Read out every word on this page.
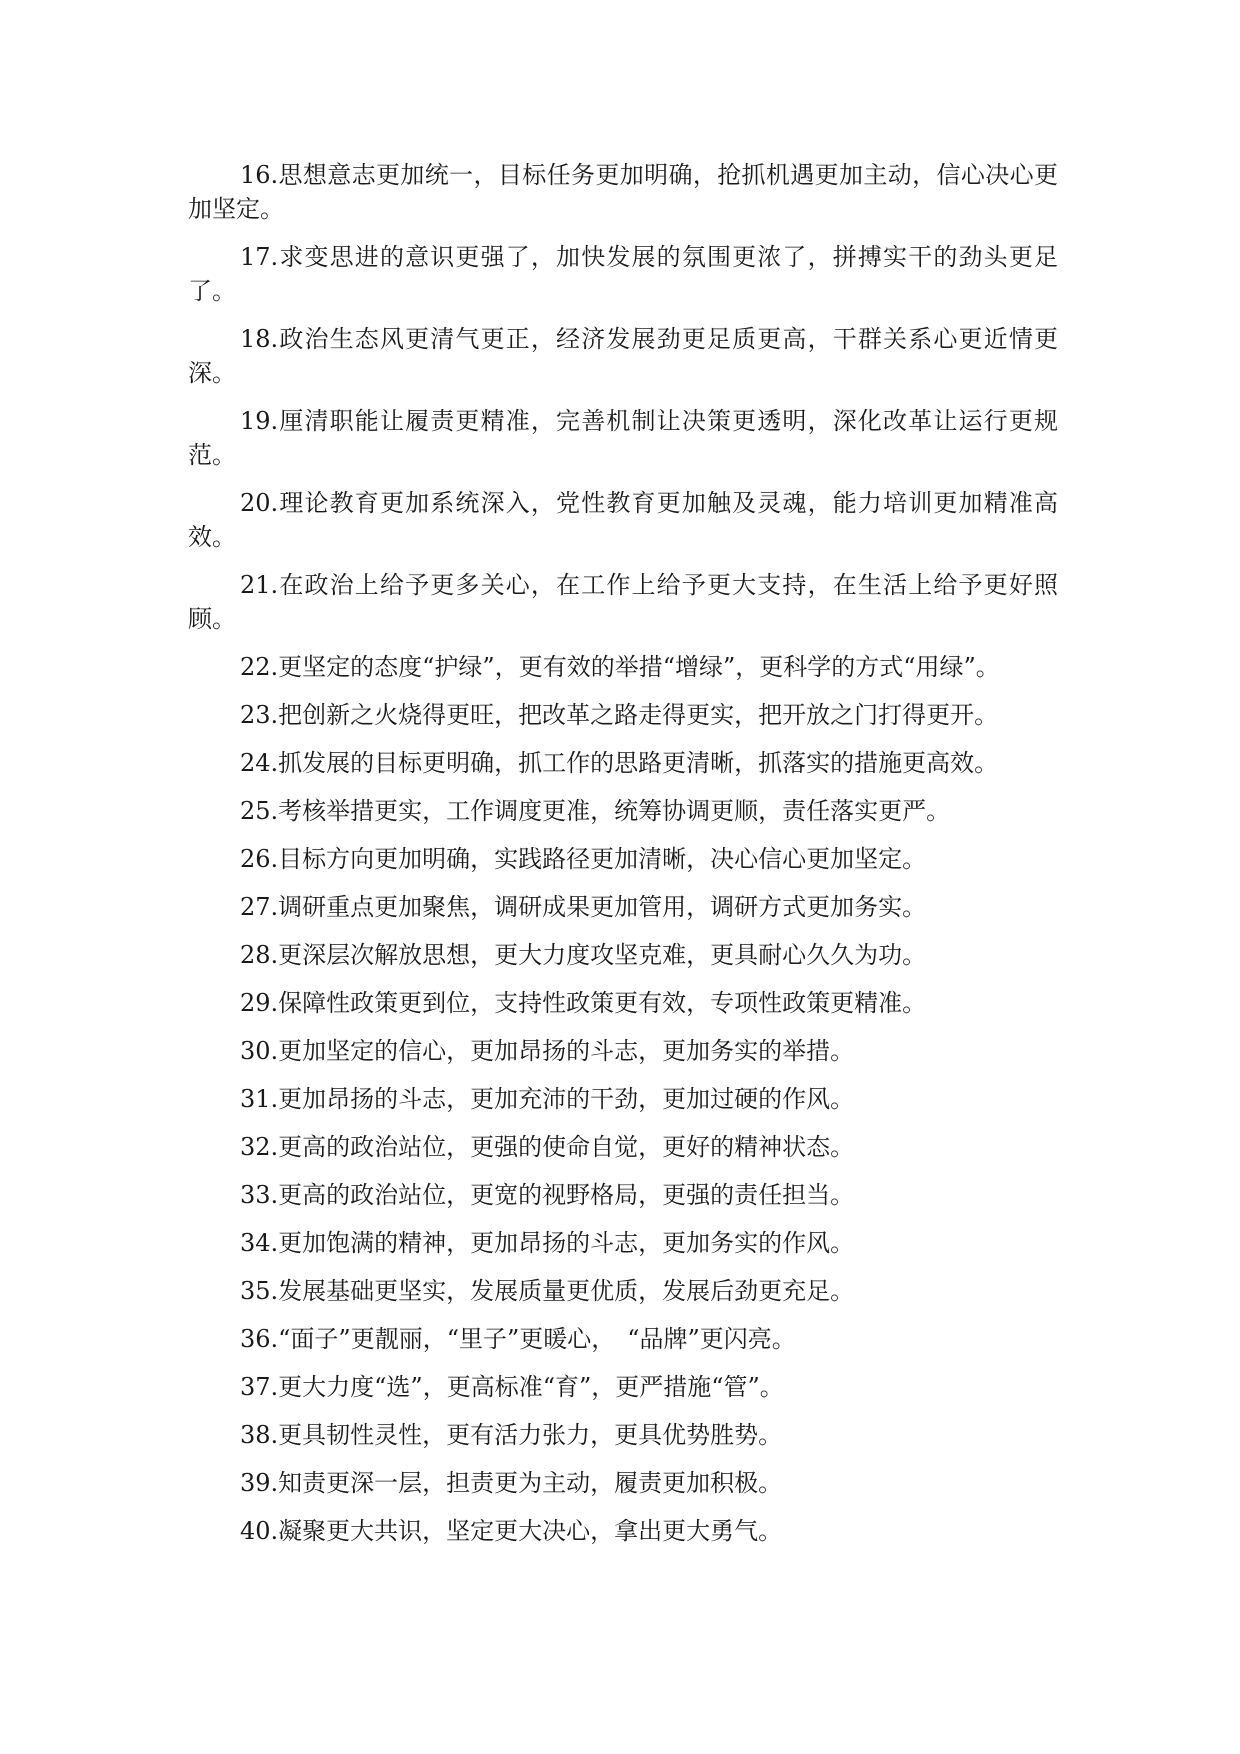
16.思想意志更加统一，目标任务更加明确，抢抓机遇更加主动，信心决心更加坚定。

17.求变思进的意识更强了，加快发展的氛围更浓了，拼搏实干的劲头更足了。

18.政治生态风更清气更正，经济发展劲更足质更高，干群关系心更近情更深。

19.厘清职能让履责更精准，完善机制让决策更透明，深化改革让运行更规范。

20.理论教育更加系统深入，党性教育更加触及灵魂，能力培训更加精准高效。

21.在政治上给予更多关心，在工作上给予更大支持，在生活上给予更好照顾。

22.更坚定的态度“护绿”，更有效的举措“增绿”，更科学的方式“用绿”。

23.把创新之火烧得更旺，把改革之路走得更实，把开放之门打得更开。

24.抓发展的目标更明确，抓工作的思路更清晰，抓落实的措施更高效。

25.考核举措更实，工作调度更准，统筹协调更顺，责任落实更严。

26.目标方向更加明确，实践路径更加清晰，决心信心更加坚定。

27.调研重点更加聚焦，调研成果更加管用，调研方式更加务实。

28.更深层次解放思想，更大力度攻坚克难，更具耐心久久为功。

29.保障性政策更到位，支持性政策更有效，专项性政策更精准。

30.更加坚定的信心，更加昂扬的斗志，更加务实的举措。

31.更加昂扬的斗志，更加充沛的干劲，更加过硬的作风。

32.更高的政治站位，更强的使命自觉，更好的精神状态。

33.更高的政治站位，更宽的视野格局，更强的责任担当。

34.更加饱满的精神，更加昂扬的斗志，更加务实的作风。

35.发展基础更坚实，发展质量更优质，发展后劲更充足。

36.“面子”更靓丽，“里子”更暖心，　“品牌”更闪亮。

37.更大力度“选”，更高标准“育”，更严措施“管”。

38.更具韧性灵性，更有活力张力，更具优势胜势。

39.知责更深一层，担责更为主动，履责更加积极。

40.凝聚更大共识，坚定更大决心，拿出更大勇气。
